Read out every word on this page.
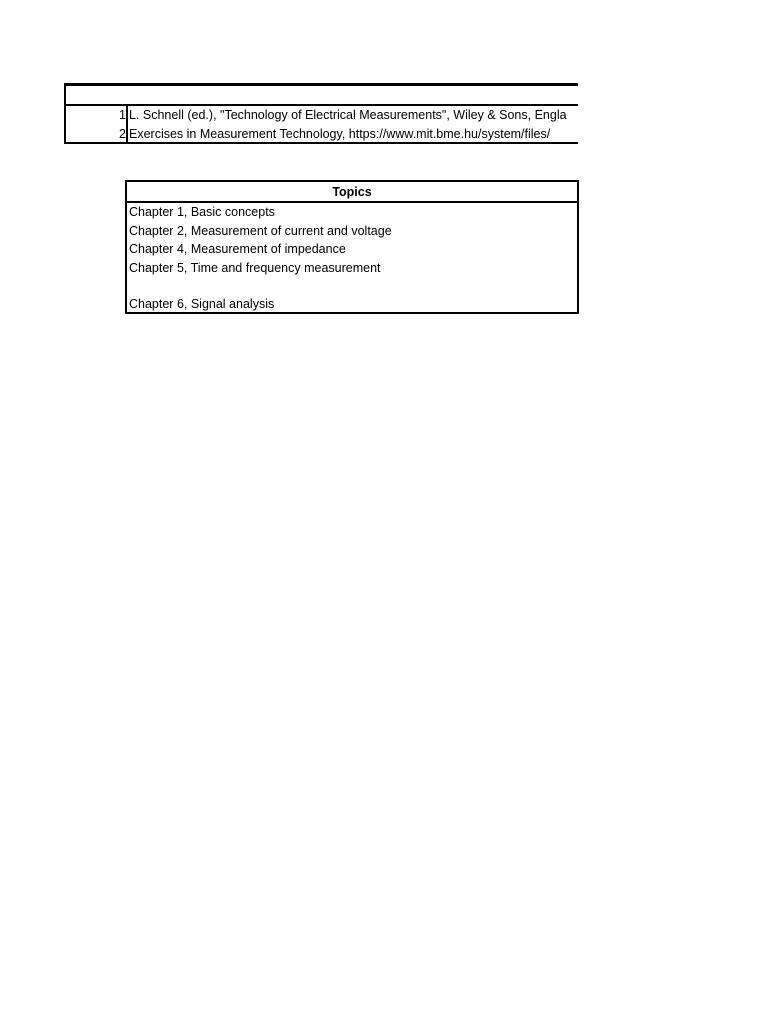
1 L. Schnell (ed.), "Technology of Electrical Measurements", Wiley & Sons, Engla
2 Exercises in Measurement Technology, https://www.mit.bme.hu/system/files/
Topics
Chapter 1, Basic concepts
Chapter 2, Measurement of current and voltage
Chapter 4, Measurement of impedance
Chapter 5, Time and frequency measurement
Chapter 6, Signal analysis
